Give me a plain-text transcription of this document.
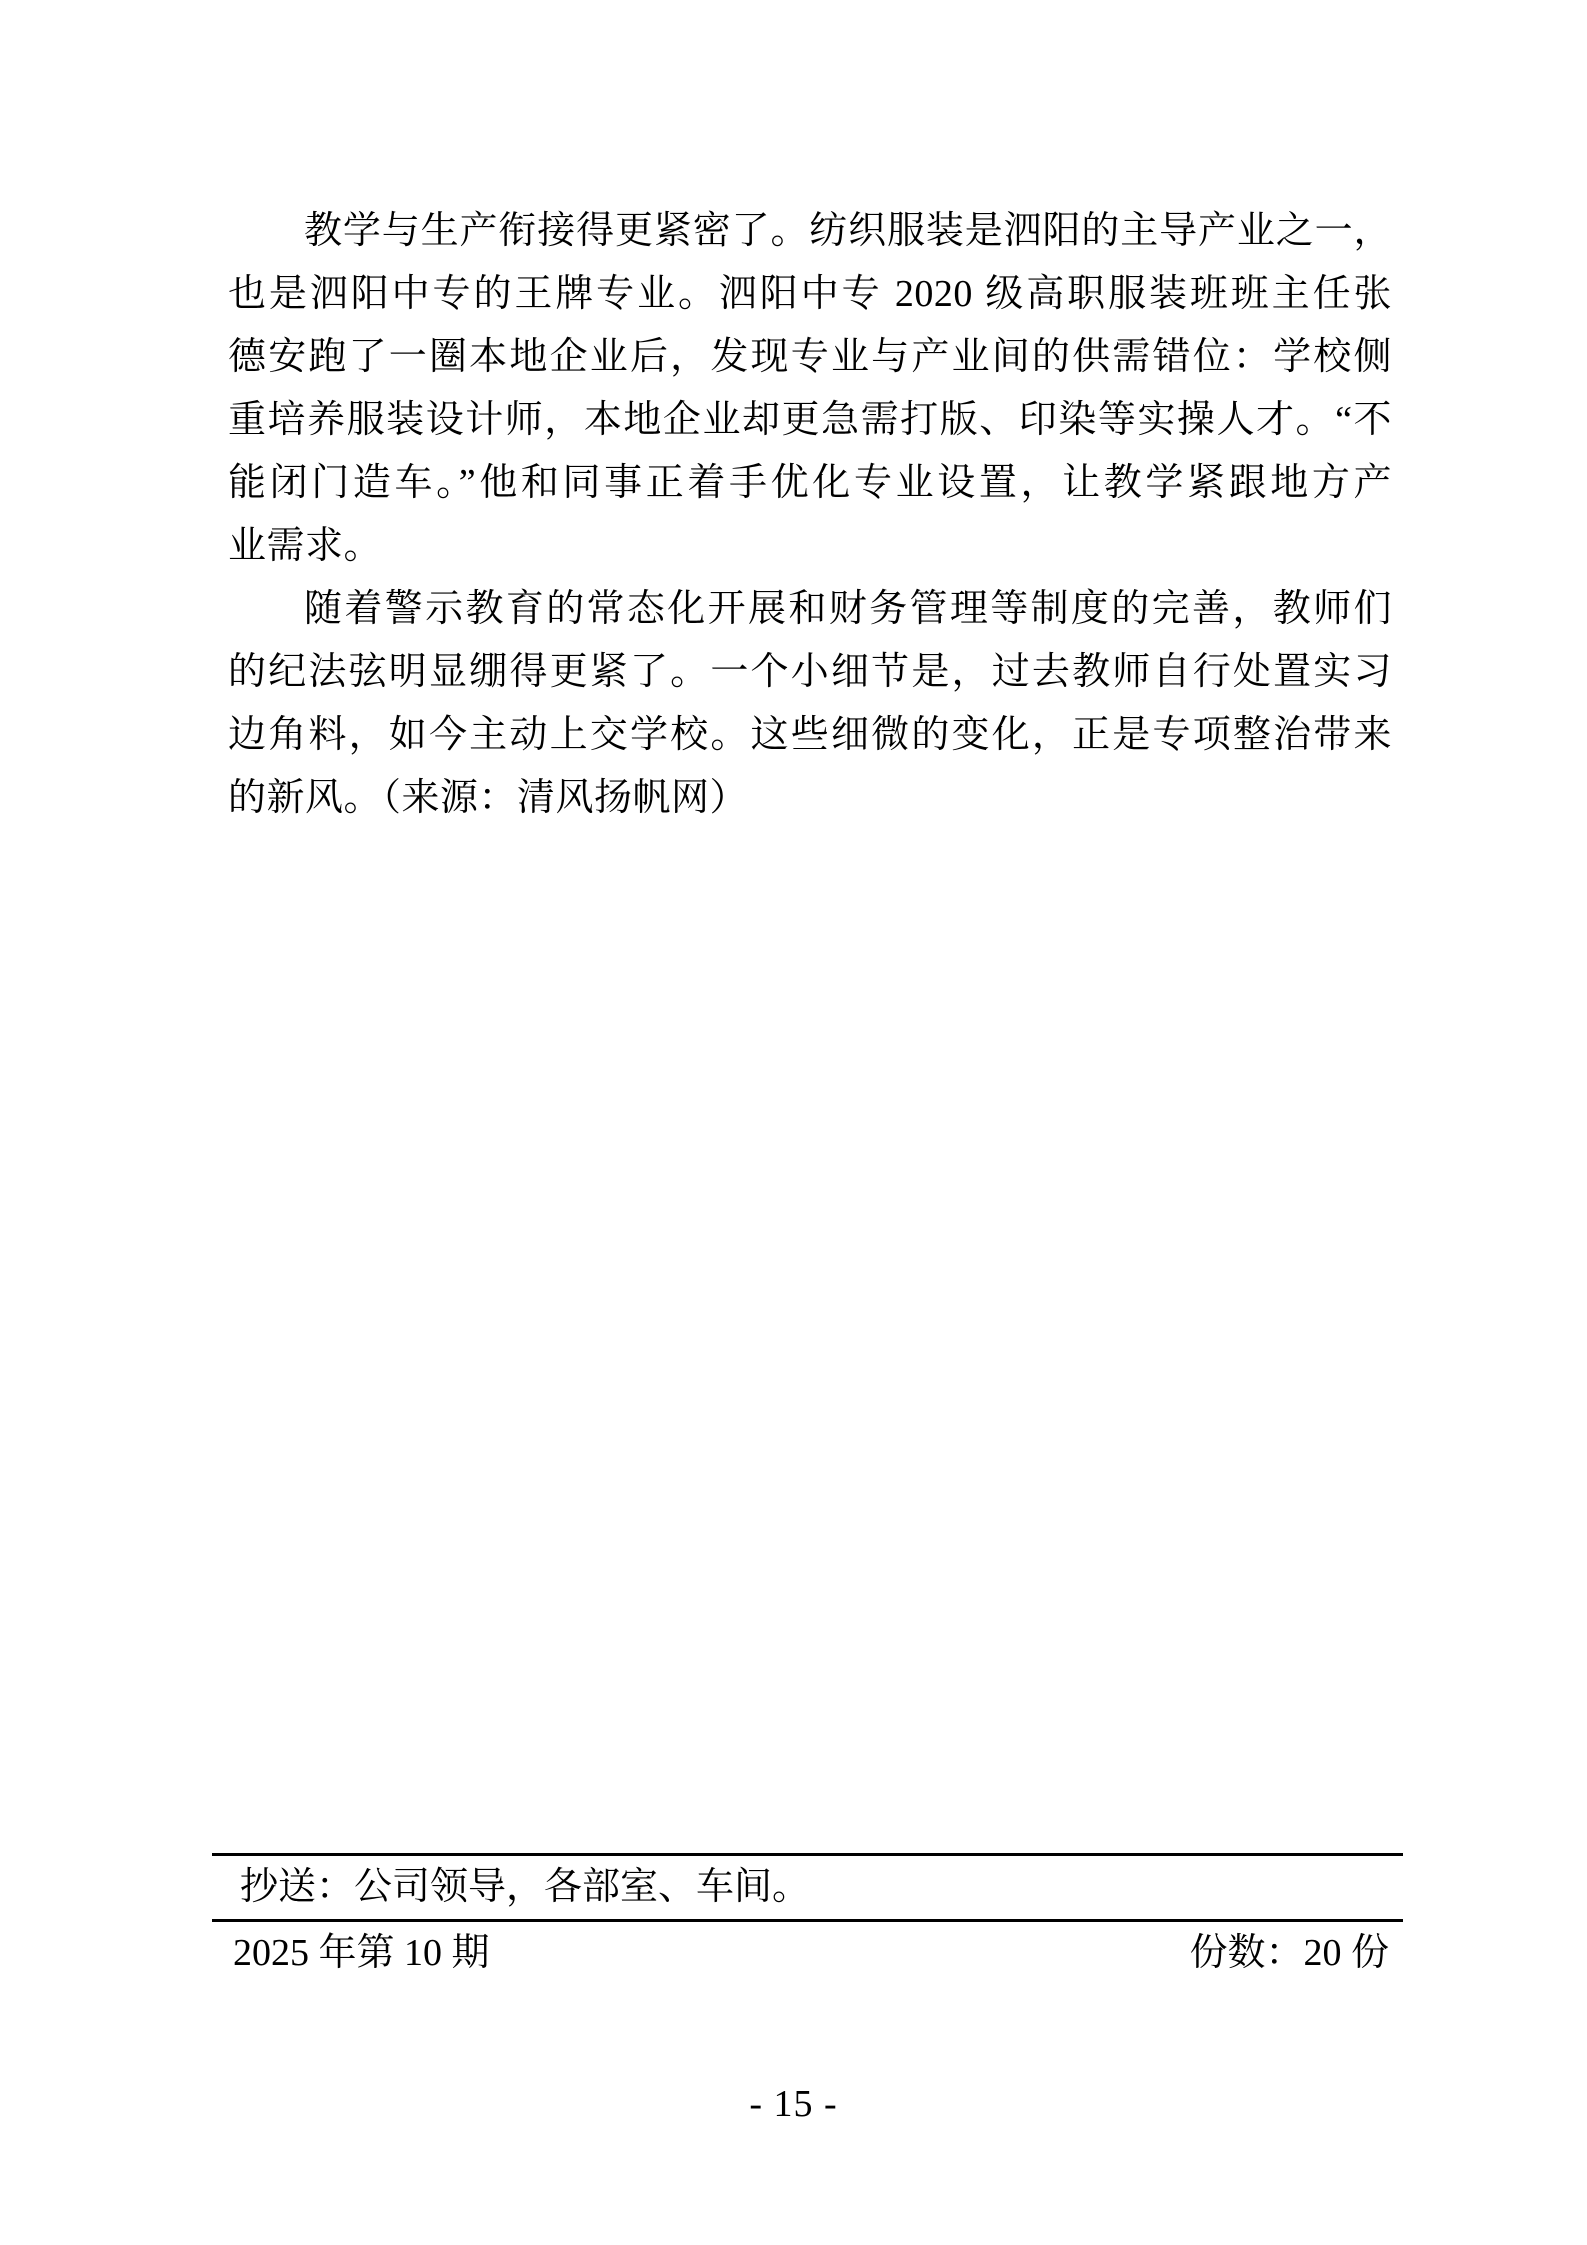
教学与生产衔接得更紧密了。纺织服装是泗阳的主导产业之一，
也是泗阳中专的王牌专业。泗阳中专 2020 级高职服装班班主任张
德安跑了一圈本地企业后，发现专业与产业间的供需错位：学校侧
重培养服装设计师，本地企业却更急需打版、印染等实操人才。“不
能闭门造车。”他和同事正着手优化专业设置，让教学紧跟地方产
业需求。
随着警示教育的常态化开展和财务管理等制度的完善，教师们
的纪法弦明显绷得更紧了。一个小细节是，过去教师自行处置实习
边角料，如今主动上交学校。这些细微的变化，正是专项整治带来
的新风。（来源：清风扬帆网）
抄送：公司领导，各部室、车间。
2025 年第 10 期	份数：20 份
- 15 -
